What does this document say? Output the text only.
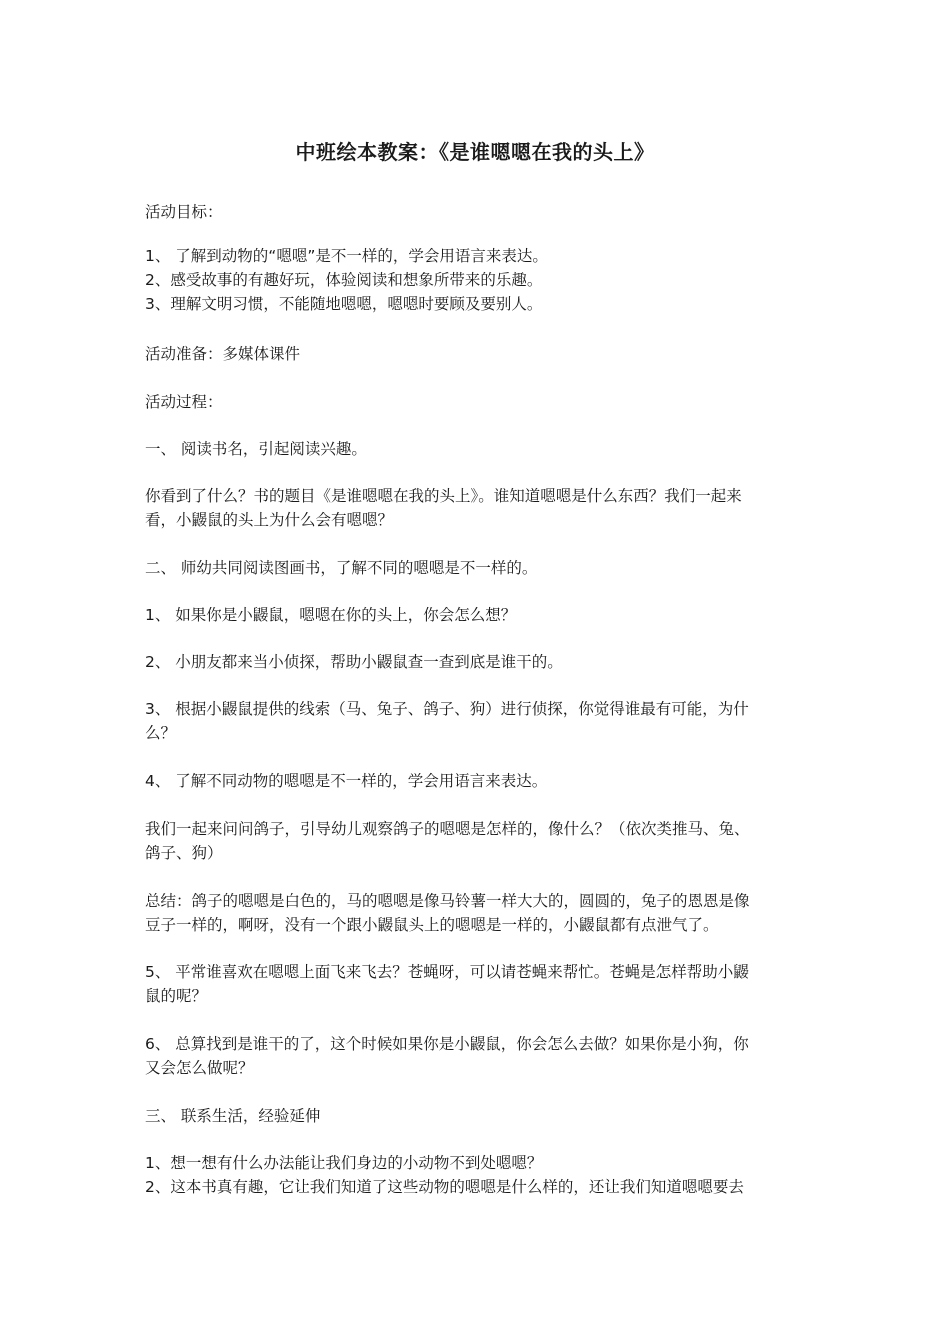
中班绘本教案：《是谁嗯嗯在我的头上》
活动目标：
1、 了解到动物的“嗯嗯”是不一样的，学会用语言来表达。
2、感受故事的有趣好玩，体验阅读和想象所带来的乐趣。
3、理解文明习惯，不能随地嗯嗯，嗯嗯时要顾及要别人。
活动准备：多媒体课件
活动过程：
一、 阅读书名，引起阅读兴趣。
你看到了什么？书的题目《是谁嗯嗯在我的头上》。谁知道嗯嗯是什么东西？我们一起来
看，小鼹鼠的头上为什么会有嗯嗯？
二、 师幼共同阅读图画书，了解不同的嗯嗯是不一样的。
1、 如果你是小鼹鼠，嗯嗯在你的头上，你会怎么想？
2、 小朋友都来当小侦探，帮助小鼹鼠查一查到底是谁干的。
3、 根据小鼹鼠提供的线索（马、兔子、鸽子、狗）进行侦探，你觉得谁最有可能，为什
么？
4、 了解不同动物的嗯嗯是不一样的，学会用语言来表达。
我们一起来问问鸽子，引导幼儿观察鸽子的嗯嗯是怎样的，像什么？（依次类推马、兔、
鸽子、狗）
总结：鸽子的嗯嗯是白色的，马的嗯嗯是像马铃薯一样大大的，圆圆的，兔子的恩恩是像
豆子一样的，啊呀，没有一个跟小鼹鼠头上的嗯嗯是一样的，小鼹鼠都有点泄气了。
5、 平常谁喜欢在嗯嗯上面飞来飞去？苍蝇呀，可以请苍蝇来帮忙。苍蝇是怎样帮助小鼹
鼠的呢？
6、 总算找到是谁干的了，这个时候如果你是小鼹鼠，你会怎么去做？如果你是小狗，你
又会怎么做呢？
三、 联系生活，经验延伸
1、想一想有什么办法能让我们身边的小动物不到处嗯嗯？
2、这本书真有趣，它让我们知道了这些动物的嗯嗯是什么样的，还让我们知道嗯嗯要去
